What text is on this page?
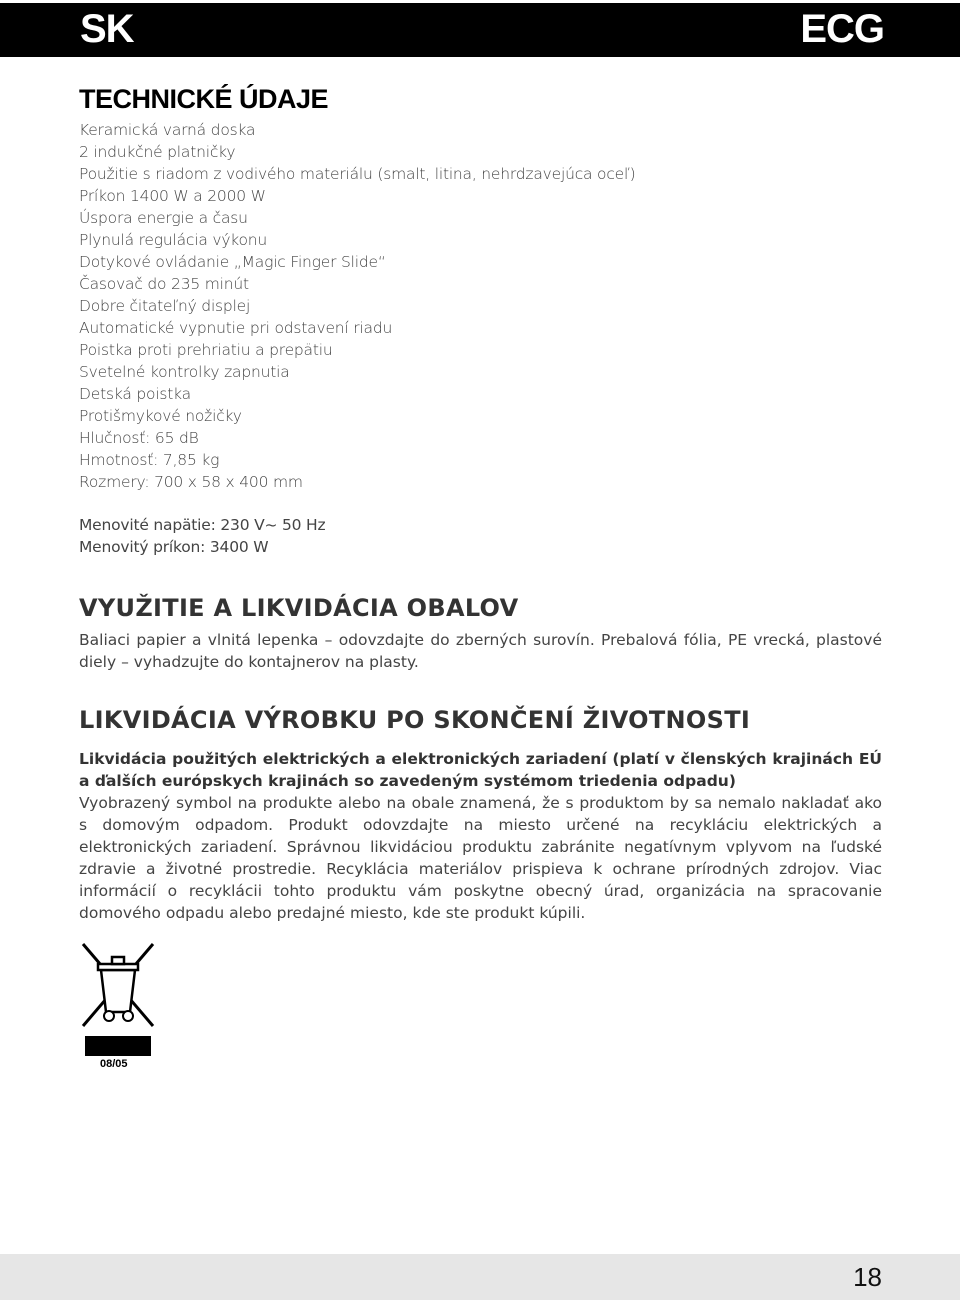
SK	ECG
TECHNICKÉ ÚDAJE
Keramická varná doska
2 indukčné platničky
Použitie s riadom z vodivého materiálu (smalt, litina, nehrdzavejúca oceľ)
Príkon 1400 W a 2000 W
Úspora energie a času
Plynulá regulácia výkonu
Dotykové ovládanie „Magic Finger Slide“
Časovač do 235 minút
Dobre čitateľný displej
Automatické vypnutie pri odstavení riadu
Poistka proti prehriatiu a prepätiu
Svetelné kontrolky zapnutia
Detská poistka
Protišmykové nožičky
Hlučnosť: 65 dB
Hmotnosť: 7,85 kg
Rozmery: 700 x 58 x 400 mm
Menovité napätie: 230 V~ 50 Hz
Menovitý príkon: 3400 W
VYUŽITIE A LIKVIDÁCIA OBALOV

Baliaci papier a vlnitá lepenka – odovzdajte do zberných surovín. Prebalová fólia, PE vrecká, plastové diely – vyhadzujte do kontajnerov na plasty.

LIKVIDÁCIA VÝROBKU PO SKONČENÍ ŽIVOTNOSTI

Likvidácia použitých elektrických a elektronických zariadení (platí v členských krajinách EÚ a ďalších európskych krajinách so zavedeným systémom triedenia odpadu)

Vyobrazený symbol na produkte alebo na obale znamená, že s produktom by sa nemalo nakladať ako s domovým odpadom. Produkt odovzdajte na miesto určené na recykláciu elektrických a elektronických zariadení. Správnou likvidáciou produktu zabránite negatívnym vplyvom na ľudské zdravie a životné prostredie. Recyklácia materiálov prispieva k ochrane prírodných zdrojov. Viac informácií o recyklácii tohto produktu vám poskytne obecný úrad, organizácia na spracovanie domového odpadu alebo predajné miesto, kde ste produkt kúpili.

08/05
18
